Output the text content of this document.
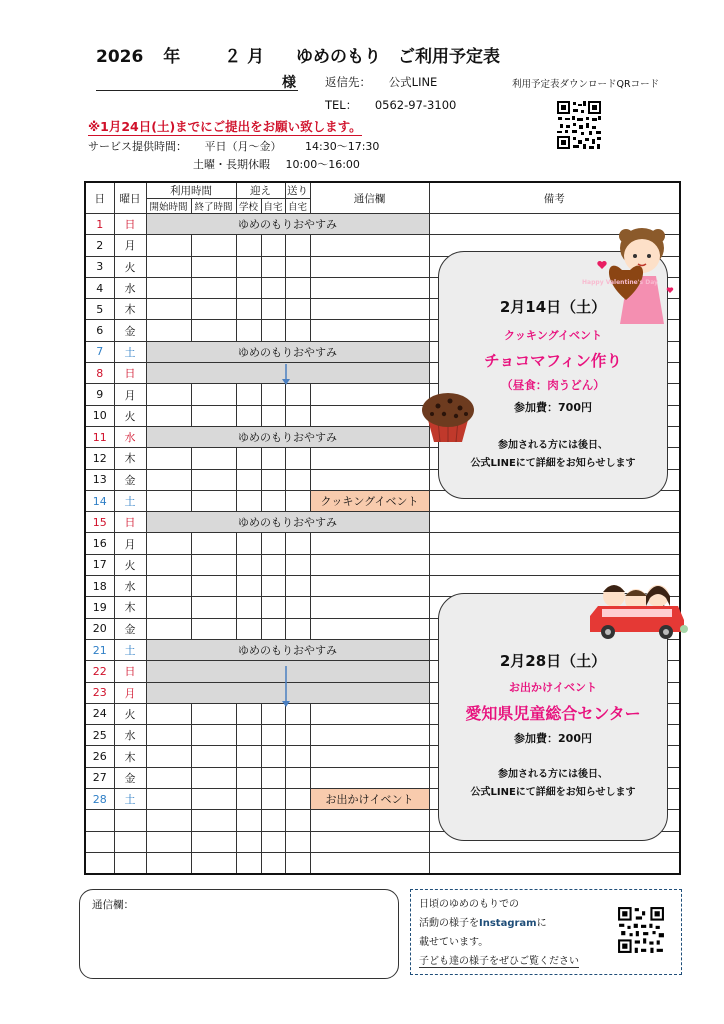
2026 年	２ 月 ゆめのもり　ご利用予定表
様	返信先： 公式LINE
TEL： 0562-97-3100
利用予定表ダウンロードQRコード
※1月24日(土)までにご提出をお願い致します。
サービス提供時間： 平日（月～金） 14:30～17:30
土曜・長期休暇 10:00～16:00
日	曜日	利用時間		迎え		送り	通信欄	備考
		開始時間	終了時間	学校	自宅	自宅		
1	日	ゆめのもりおやすみ						
2	月							
3	火							
4	水							
5	木							
6	金							
7	土	ゆめのもりおやすみ						
8	日							
9	月							
10	火							
11	水	ゆめのもりおやすみ						
12	木							
13	金							
14	土						クッキングイベント	
15	日	ゆめのもりおやすみ						
16	月							
17	火							
18	水							
19	木							
20	金							
21	土	ゆめのもりおやすみ						
22	日							
23	月							
24	火							
25	水							
26	木							
27	金							
28	土						お出かけイベント	

2月14日（土）
クッキングイベント
チョコマフィン作り
（昼食：肉うどん）
参加費：700円
参加される方には後日、
公式LINEにて詳細をお知らせします
Happy Valentine's Day
2月28日（土）
お出かけイベント
愛知県児童総合センター
参加費：200円
参加される方には後日、
公式LINEにて詳細をお知らせします
通信欄：	日頃のゆめのもりでの
活動の様子をInstagramに
載せています。
子ども達の様子をぜひご覧ください
